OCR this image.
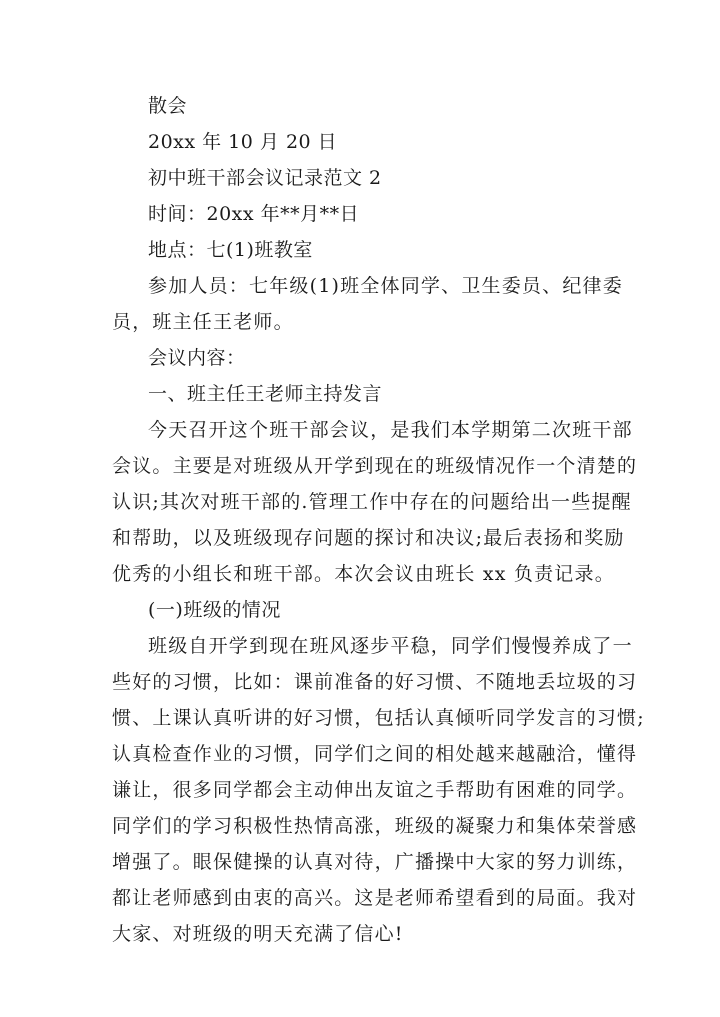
散会
20xx 年 10 月 20 日
初中班干部会议记录范文 2
时间：20xx 年**月**日
地点：七(1)班教室
参加人员：七年级(1)班全体同学、卫生委员、纪律委
员，班主任王老师。
会议内容：
一、班主任王老师主持发言
今天召开这个班干部会议，是我们本学期第二次班干部
会议。主要是对班级从开学到现在的班级情况作一个清楚的
认识;其次对班干部的.管理工作中存在的问题给出一些提醒
和帮助，以及班级现存问题的探讨和决议;最后表扬和奖励
优秀的小组长和班干部。本次会议由班长 xx 负责记录。
(一)班级的情况
班级自开学到现在班风逐步平稳，同学们慢慢养成了一
些好的习惯，比如：课前准备的好习惯、不随地丢垃圾的习
惯、上课认真听讲的好习惯，包括认真倾听同学发言的习惯;
认真检查作业的习惯，同学们之间的相处越来越融洽，懂得
谦让，很多同学都会主动伸出友谊之手帮助有困难的同学。
同学们的学习积极性热情高涨，班级的凝聚力和集体荣誉感
增强了。眼保健操的认真对待，广播操中大家的努力训练，
都让老师感到由衷的高兴。这是老师希望看到的局面。我对
大家、对班级的明天充满了信心!
